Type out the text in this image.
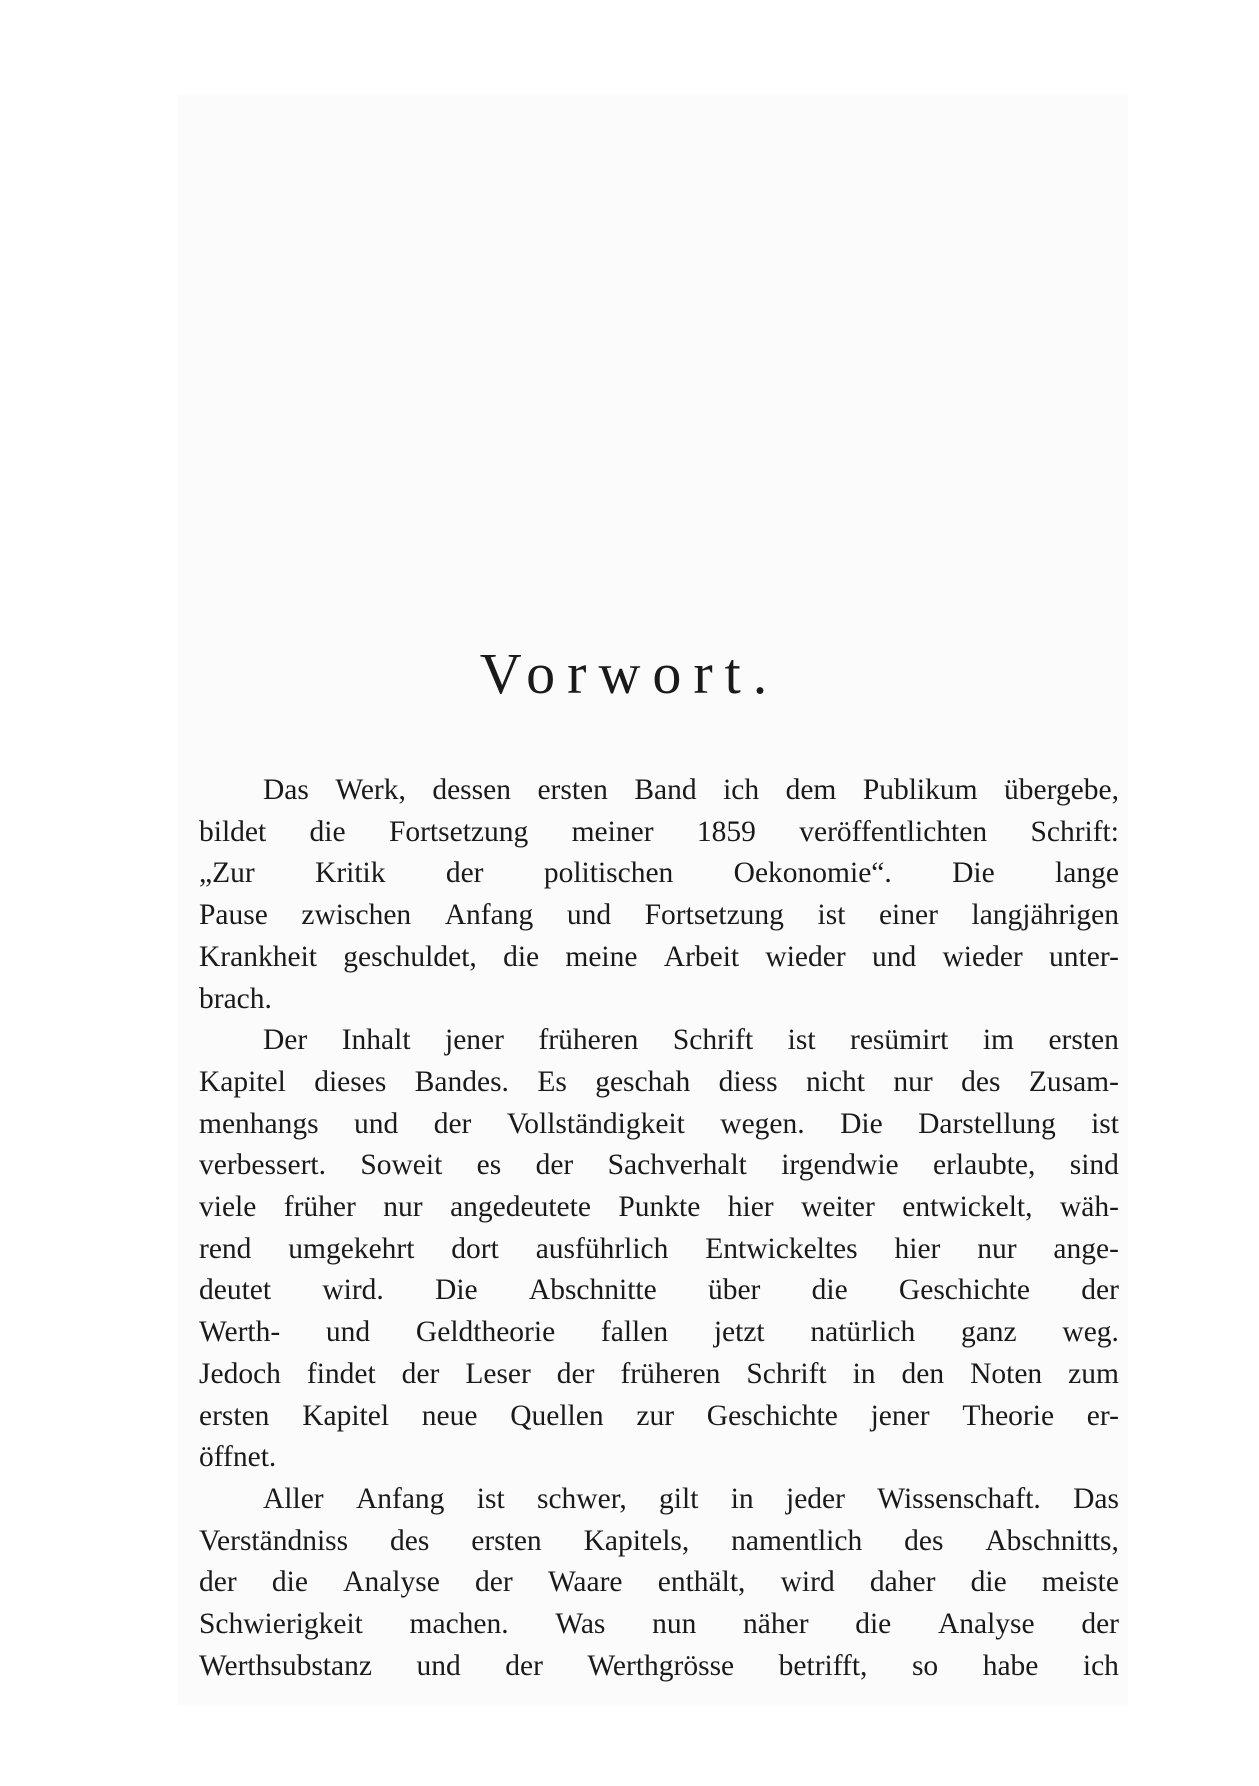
Vorwort.
Das Werk, dessen ersten Band ich dem Publikum übergebe,
bildet die Fortsetzung meiner 1859 veröffentlichten Schrift:
„Zur Kritik der politischen Oekonomie“. Die lange
Pause zwischen Anfang und Fortsetzung ist einer langjährigen
Krankheit geschuldet, die meine Arbeit wieder und wieder unter-
brach.
Der Inhalt jener früheren Schrift ist resümirt im ersten
Kapitel dieses Bandes. Es geschah diess nicht nur des Zusam-
menhangs und der Vollständigkeit wegen. Die Darstellung ist
verbessert. Soweit es der Sachverhalt irgendwie erlaubte, sind
viele früher nur angedeutete Punkte hier weiter entwickelt, wäh-
rend umgekehrt dort ausführlich Entwickeltes hier nur ange-
deutet wird. Die Abschnitte über die Geschichte der
Werth- und Geldtheorie fallen jetzt natürlich ganz weg.
Jedoch findet der Leser der früheren Schrift in den Noten zum
ersten Kapitel neue Quellen zur Geschichte jener Theorie er-
öffnet.
Aller Anfang ist schwer, gilt in jeder Wissenschaft. Das
Verständniss des ersten Kapitels, namentlich des Abschnitts,
der die Analyse der Waare enthält, wird daher die meiste
Schwierigkeit machen. Was nun näher die Analyse der
Werthsubstanz und der Werthgrösse betrifft, so habe ich
